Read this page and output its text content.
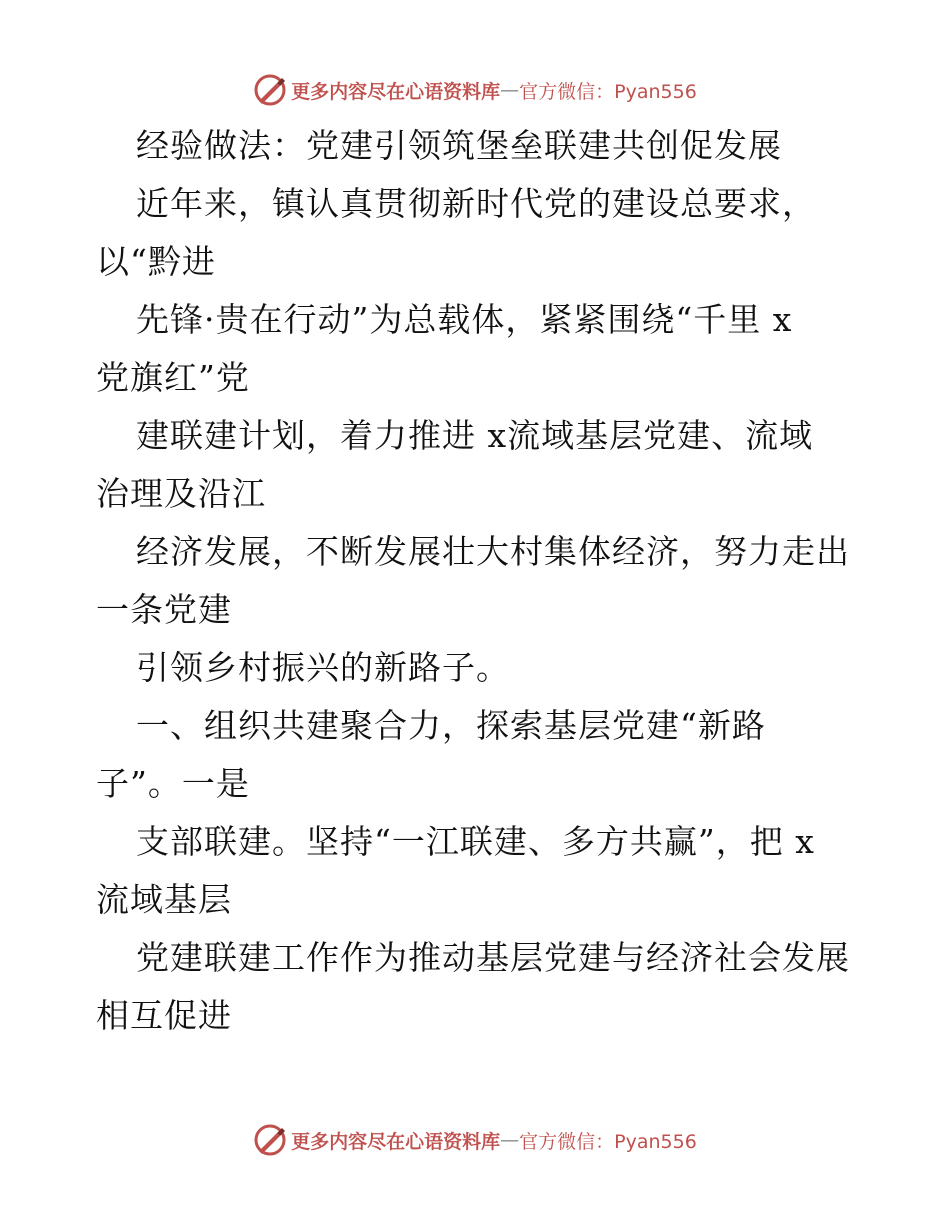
更多内容尽在心语资料库 — 官方微信：Pyan556
经验做法：党建引领筑堡垒联建共创促发展
近年来，镇认真贯彻新时代党的建设总要求，
以“黔进
先锋·贵在行动”为总载体，紧紧围绕“千里 x
党旗红”党
建联建计划，着力推进 x流域基层党建、流域
治理及沿江
经济发展，不断发展壮大村集体经济，努力走出
一条党建
引领乡村振兴的新路子。
一、组织共建聚合力，探索基层党建“新路
子”。一是
支部联建。坚持“一江联建、多方共赢”，把 x
流域基层
党建联建工作作为推动基层党建与经济社会发展
相互促进
更多内容尽在心语资料库 — 官方微信：Pyan556
